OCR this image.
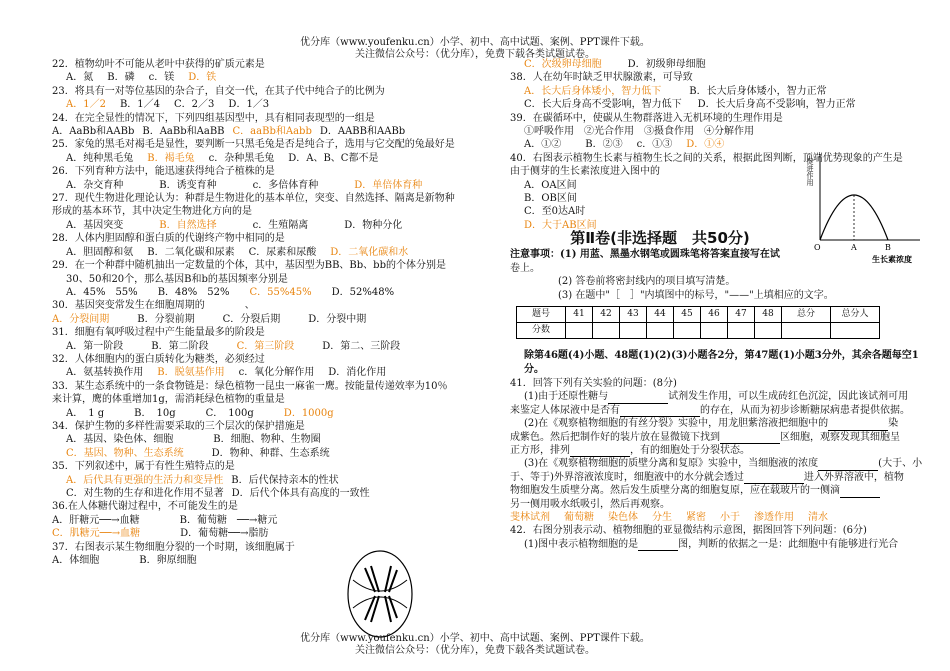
优分库（www.youfenku.cn）小学、初中、高中试题、案例、PPT课件下载。
关注微信公众号：（优分库），免费下载各类试题试卷。
22．植物幼叶不可能从老叶中获得的矿质元素是
A．氮 B．磷 c．镁 D．铁
23．将具有一对等位基因的杂合子，自交一代，在其子代中纯合子的比例为
A．1／2 B．1／4 C．2／3 D．1／3
24．在完全显性的情况下，下列四组基因型中，具有相同表现型的一组是
A．AaBb和AABb B．AaBb和AaBB C．aaBb和Aabb D．AABB和AABb
25．家兔的黑毛对褐毛是显性，要判断一只黑毛兔是否是纯合子，选用与它交配的兔最好是
A．纯种黑毛兔 B．褐毛兔 c．杂种黑毛兔 D．A、B、C都不是
26．下列育种方法中，能迅速获得纯合子植株的是
A．杂交育种	B．诱变育种	c．多倍体育种	D．单倍体育种
27．现代生物进化理论认为：种群是生物进化的基本单位，突变、自然选择、隔离是新物种
形成的基本环节，其中决定生物进化方向的是
A．基因突变	B．自然选择	c．生殖隔离	D．物种分化
28．人体内胆固醇和蛋白质的代谢终产物中相同的是
A．胆固醇和氨 B．二氧化碳和尿素 C．尿素和尿酸 D．二氧化碳和水
29．在一个种群中随机抽出一定数量的个体，其中，基因型为BB、Bb、bb的个体分别是
30、50和20个，那么基因B和b的基因频率分别是
A．45%　55% B．48%　52% C．55%45% D．52%48%
30．基因突变常发生在细胞周期的　　　　、
A．分裂间期	B．分裂前期	C．分裂后期	D．分裂中期
31．细胞有氧呼吸过程中产生能量最多的阶段是
A．第一阶段	B．第二阶段	C．第三阶段	D．第二、三阶段
32．人体细胞内的蛋白质转化为糖类，必须经过
A．氨基转换作用 B．脱氨基作用 c．氧化分解作用 D．消化作用
33．某生态系统中的一条食物链是：绿色植物一昆虫一麻雀一鹰。按能量传递效率为10％
来计算，鹰的体重增加1g，需消耗绿色植物的重量是
A．　1 g	B．　10g	C．　100g	D．1000g
34．保护生物的多样性需要采取的三个层次的保护措施是
A．基因、染色体、细胞	B．细胞、物种、生物圈
C．基因、物种、生态系统	D．物种、种群、生态系统
35．下列叙述中，属于有性生殖特点的是
A．后代具有更强的生活力和变异性 B．后代保持亲本的性状
C．对生物的生存和进化作用不显著 D．后代个体具有高度的一致性
36.在人体糖代谢过程中，不可能发生的是
A．肝糖元──→血糖	B．葡萄糖　──→糖元
C．肌糖元──→血糖	D．葡萄糖──→脂肪
37．右图表示某生物细胞分裂的一个时期，该细胞属于
A．体细胞	B．卵原细胞
C．次级卵母细胞	D．初级卵母细胞
38．人在幼年时缺乏甲状腺激素，可导致
A．长大后身体矮小，智力低下	B．长大后身体矮小，智力正常
C．长大后身高不受影响，智力低下 D．长大后身高不受影响，智力正常
39．在碳循环中，使碳从生物群落进入无机环境的生理作用是
①呼吸作用　②光合作用　③摄食作用　④分解作用
A．①② B．②③ c．①③ D．①④
40．右图表示植物生长素与植物生长之间的关系，根据此图判断，顶端优势现象的产生是
由于侧芽的生长素浓度进入图中的
A．OA区间
B．OB区间
C．至0达A时
D．大于AB区间
第Ⅱ卷(非选择题　共50分)
注意事项：(1) 用蓝、黑墨水钢笔或圆珠笔将答案直接写在试
卷上。
(2) 答卷前将密封线内的项目填写清楚。
(3) 在题中"［　］"内填图中的标号，"——"上填相应的文字。
题号	41	42	43	44	45	46	47	48	总分	总分人
分数										
除第46题(4)小题、48题(1)(2)(3)小题各2分，第47题(1)小题3分外，其余各题每空1分。
41．回答下列有关实验的问题：(8分)
(1)由于还原性糖与	试剂发生作用，可以生成砖红色沉淀，因此该试剂可用
来鉴定人体尿液中是否有	的存在，从而为初步诊断糖尿病患者提供依据。
(2)在《观察植物细胞的有丝分裂》实验中，用龙胆紫溶液把细胞中的	染
成紫色。然后把制作好的装片放在显微镜下找到	区细胞，观察发现其细胞呈
正方形，排列	，有的细胞处于分裂状态。
(3)在《观察植物细胞的质壁分离和复原》实验中，当细胞液的浓度	(大于、小
于、等于)外界溶液浓度时，细胞液中的水分就会透过	进入外界溶液中，植物
物细胞发生质壁分离。然后发生质壁分离的细胞复原，应在载玻片的一侧滴
另一侧用吸水纸吸引，然后再观察。
斐林试剂 葡萄糖 染色体 分生 紧密 小于 渗透作用 清水
42．右图分别表示动、植物细胞的亚显微结构示意图，据图回答下列问题：(6分)
(1)图中表示植物细胞的是	图，判断的依据之一是：此细胞中有能够进行光合
O	A	B
促进作用
生长素浓度
优分库（www.youfenku.cn）小学、初中、高中试题、案例、PPT课件下载。
关注微信公众号：（优分库），免费下载各类试题试卷。
